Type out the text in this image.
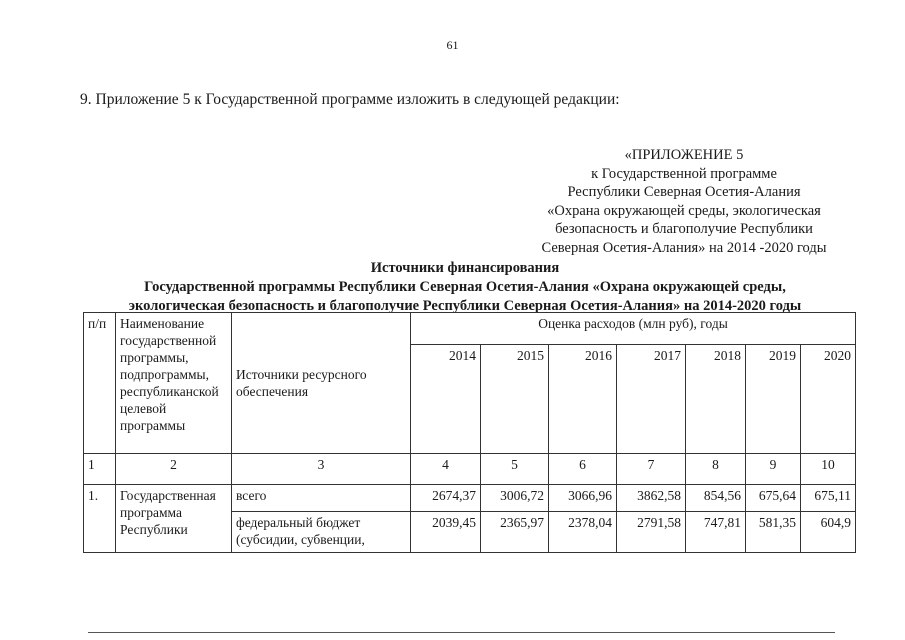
61
9. Приложение 5 к Государственной программе изложить в следующей редакции:
«ПРИЛОЖЕНИЕ 5
к Государственной программе
Республики Северная Осетия-Алания
«Охрана окружающей среды, экологическая
безопасность и благополучие Республики
Северная Осетия-Алания» на 2014 -2020 годы
Источники финансирования
Государственной программы Республики Северная Осетия-Алания «Охрана окружающей среды,
экологическая безопасность и благополучие Республики Северная Осетия-Алания» на 2014-2020 годы
п/п	Наименование государственной программы, подпрограммы, республиканской целевой программы	Источники ресурсного обеспечения	Оценка расходов (млн руб), годы						
			2014	2015	2016	2017	2018	2019	2020
1	2	3	4	5	6	7	8	9	10
1.	Государственная программа Республики	всего	2674,37	3006,72	3066,96	3862,58	854,56	675,64	675,11
		федеральный бюджет (субсидии, субвенции,	2039,45	2365,97	2378,04	2791,58	747,81	581,35	604,9
